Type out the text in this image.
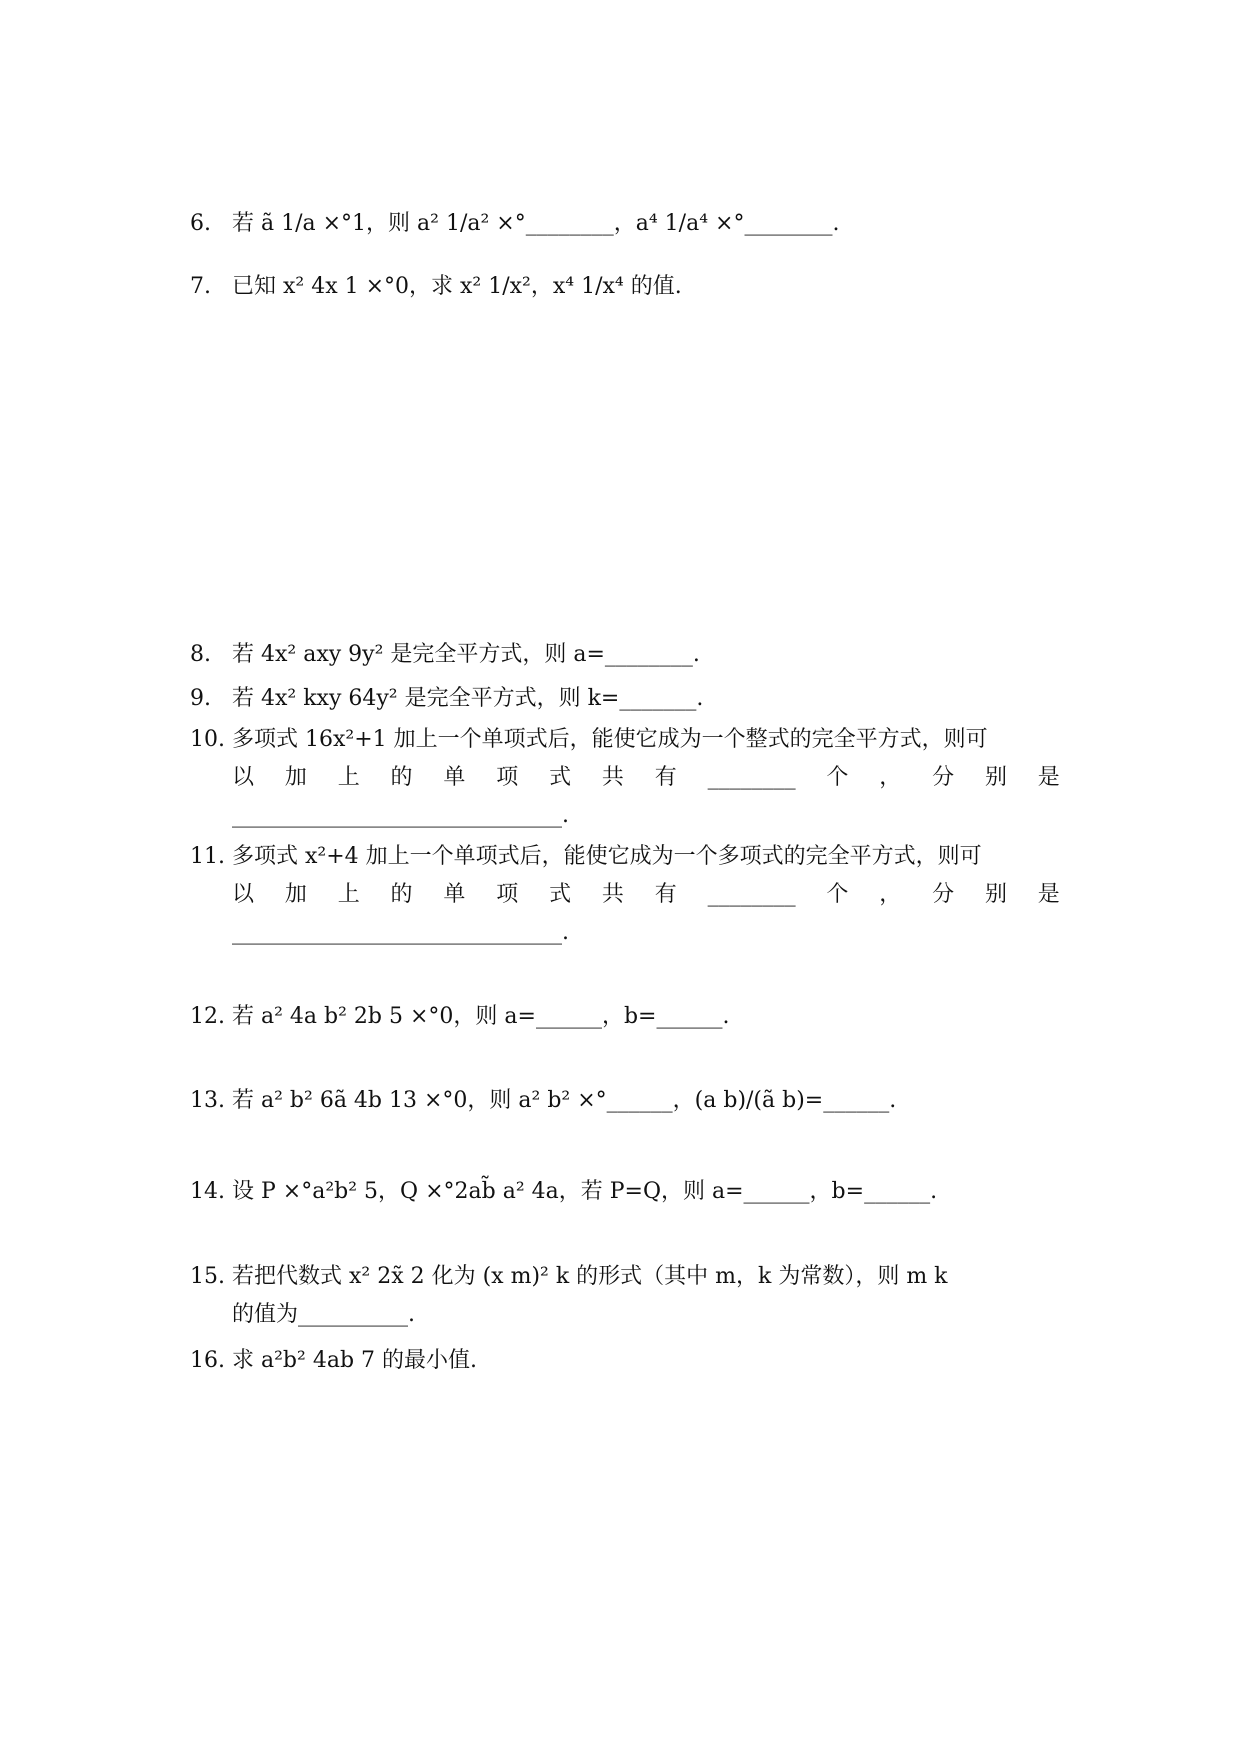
6. 若 ã 1/a ×°1，则 a² 1/a² ×°________，a⁴ 1/a⁴ ×°________.
7. 已知 x² 4x 1 ×°0，求 x² 1/x²，x⁴ 1/x⁴ 的值.
8. 若 4x² axy 9y² 是完全平方式，则 a=________.
9. 若 4x² kxy 64y² 是完全平方式，则 k=_______.
10. 多项式 16x²+1 加上一个单项式后，能使它成为一个整式的完全平方式，则可
以 加 上 的 单 项 式 共 有 ________ 个 ， 分 别 是
______________________________.
11. 多项式 x²+4 加上一个单项式后，能使它成为一个多项式的完全平方式，则可
以 加 上 的 单 项 式 共 有 ________ 个 ， 分 别 是
______________________________.
12. 若 a² 4a b² 2b 5 ×°0，则 a=______，b=______.
13. 若 a² b² 6ã 4b 13 ×°0，则 a² b² ×°______，(a b)/(ã b)=______.
14. 设 P ×°a²b² 5，Q ×°2ab̃ a² 4a，若 P=Q，则 a=______，b=______.
15. 若把代数式 x² 2x̃ 2 化为 (x m)² k 的形式（其中 m，k 为常数），则 m k
的值为__________.
16. 求 a²b² 4ab 7 的最小值.
